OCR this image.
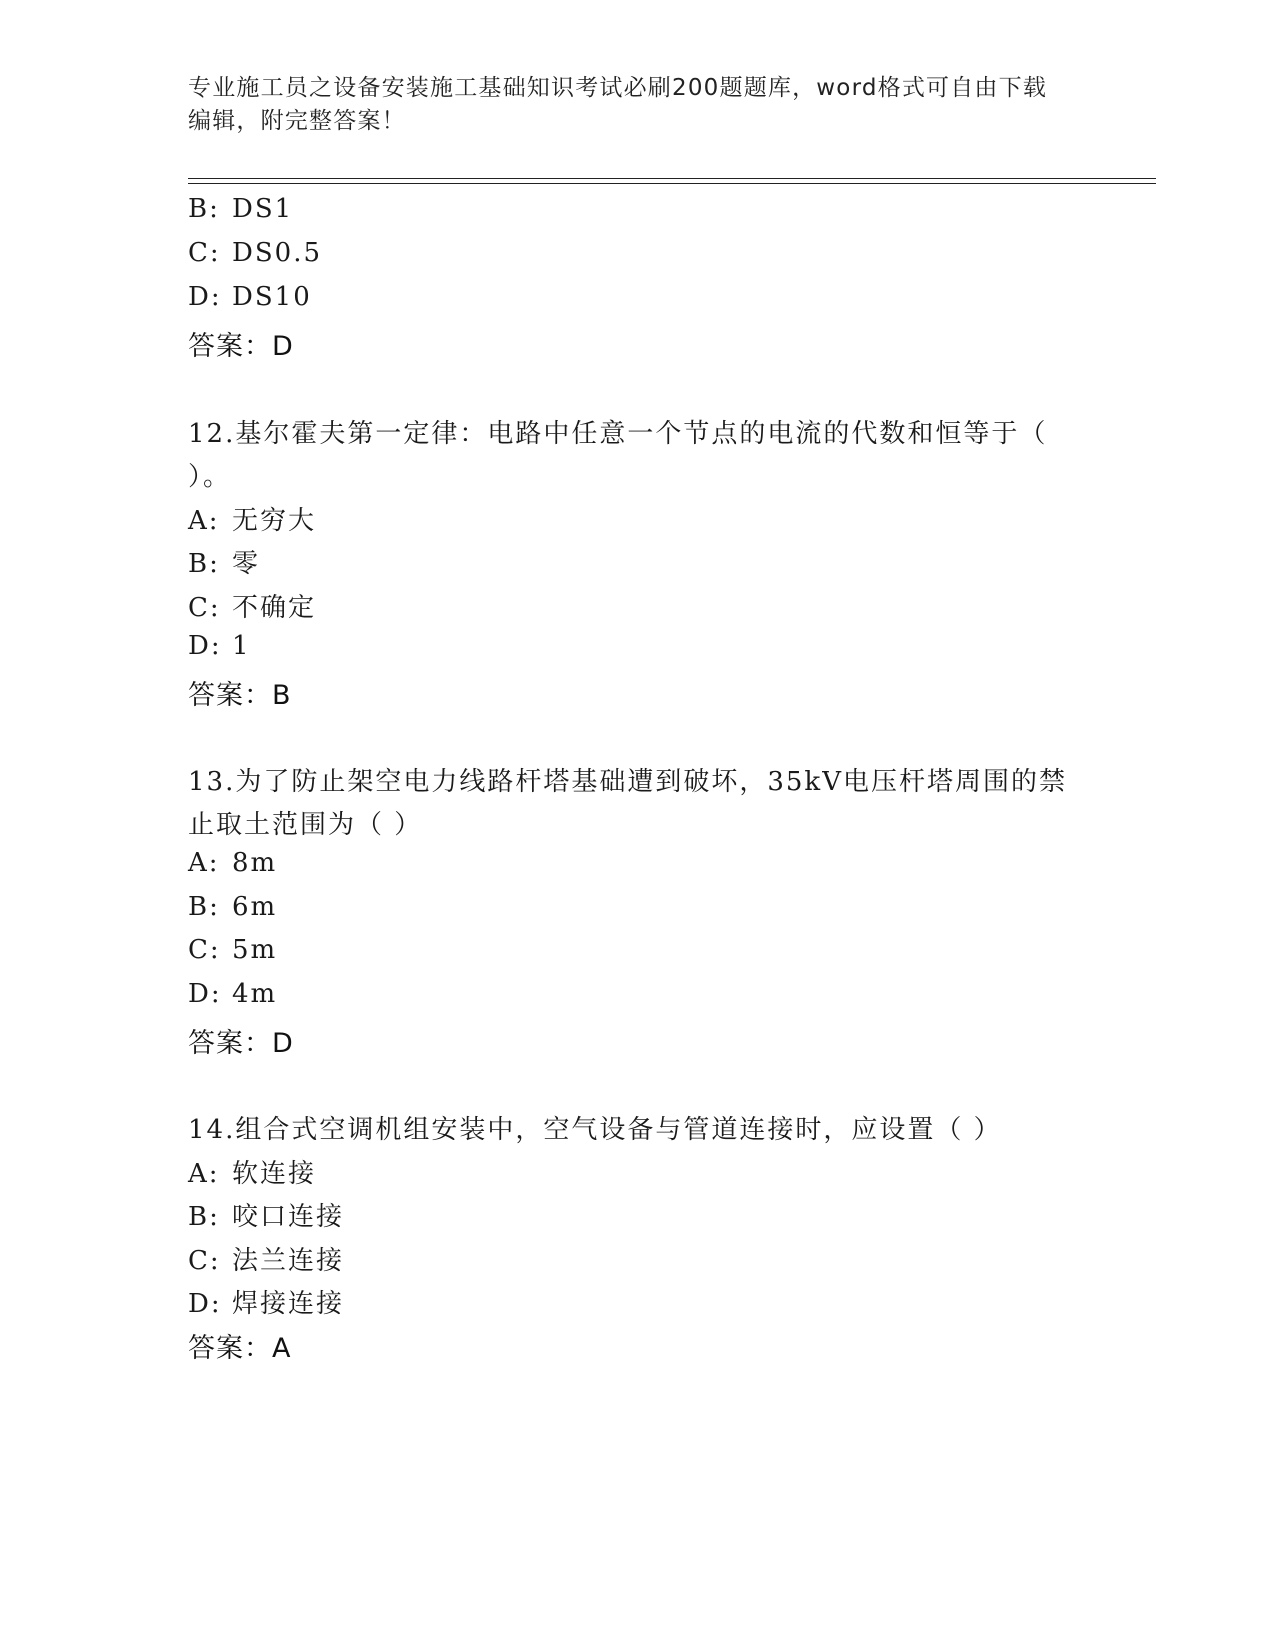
专业施工员之设备安装施工基础知识考试必刷200题题库，word格式可自由下载
编辑，附完整答案！
B: DS1
C: DS0.5
D: DS10
答案：D
12.基尔霍夫第一定律：电路中任意一个节点的电流的代数和恒等于（
）。
A: 无穷大
B: 零
C: 不确定
D: 1
答案：B
13.为了防止架空电力线路杆塔基础遭到破坏，35kV电压杆塔周围的禁
止取土范围为（ ）
A: 8m
B: 6m
C: 5m
D: 4m
答案：D
14.组合式空调机组安装中，空气设备与管道连接时，应设置（ ）
A: 软连接
B: 咬口连接
C: 法兰连接
D: 焊接连接
答案：A
